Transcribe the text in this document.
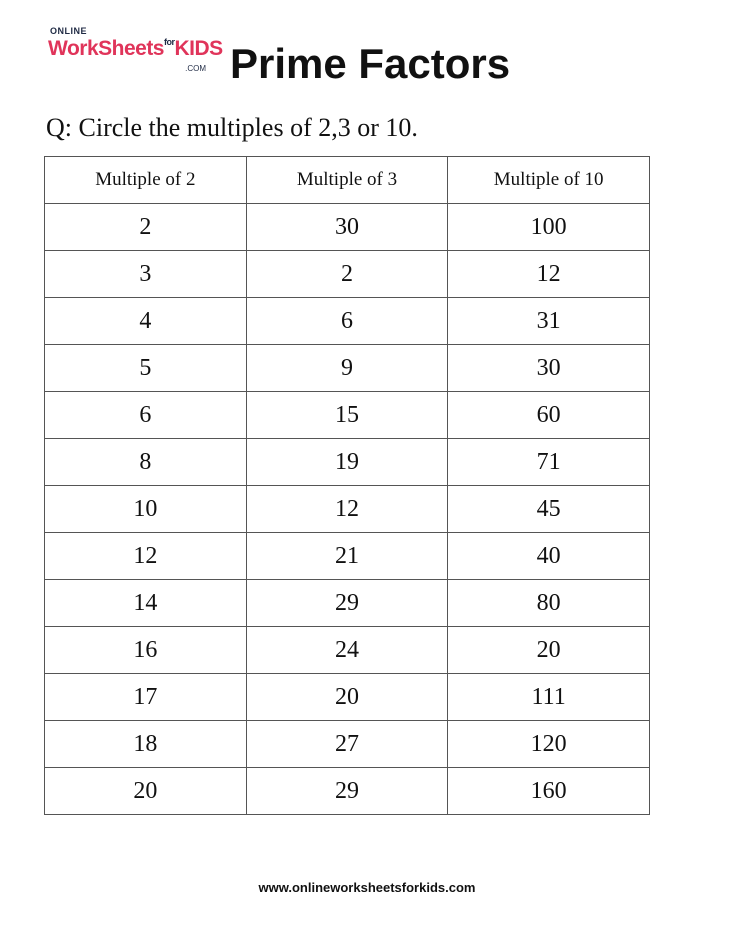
ONLINE
WorkSheets$^{for}$KIDS
.COM Prime Factors
Q: Circle the multiples of 2,3 or 10.
Multiple of 2	Multiple of 3	Multiple of 10
2	30	100
3	2	12
4	6	31
5	9	30
6	15	60
8	19	71
10	12	45
12	21	40
14	29	80
16	24	20
17	20	111
18	27	120
20	29	160
www.onlineworksheetsforkids.com
